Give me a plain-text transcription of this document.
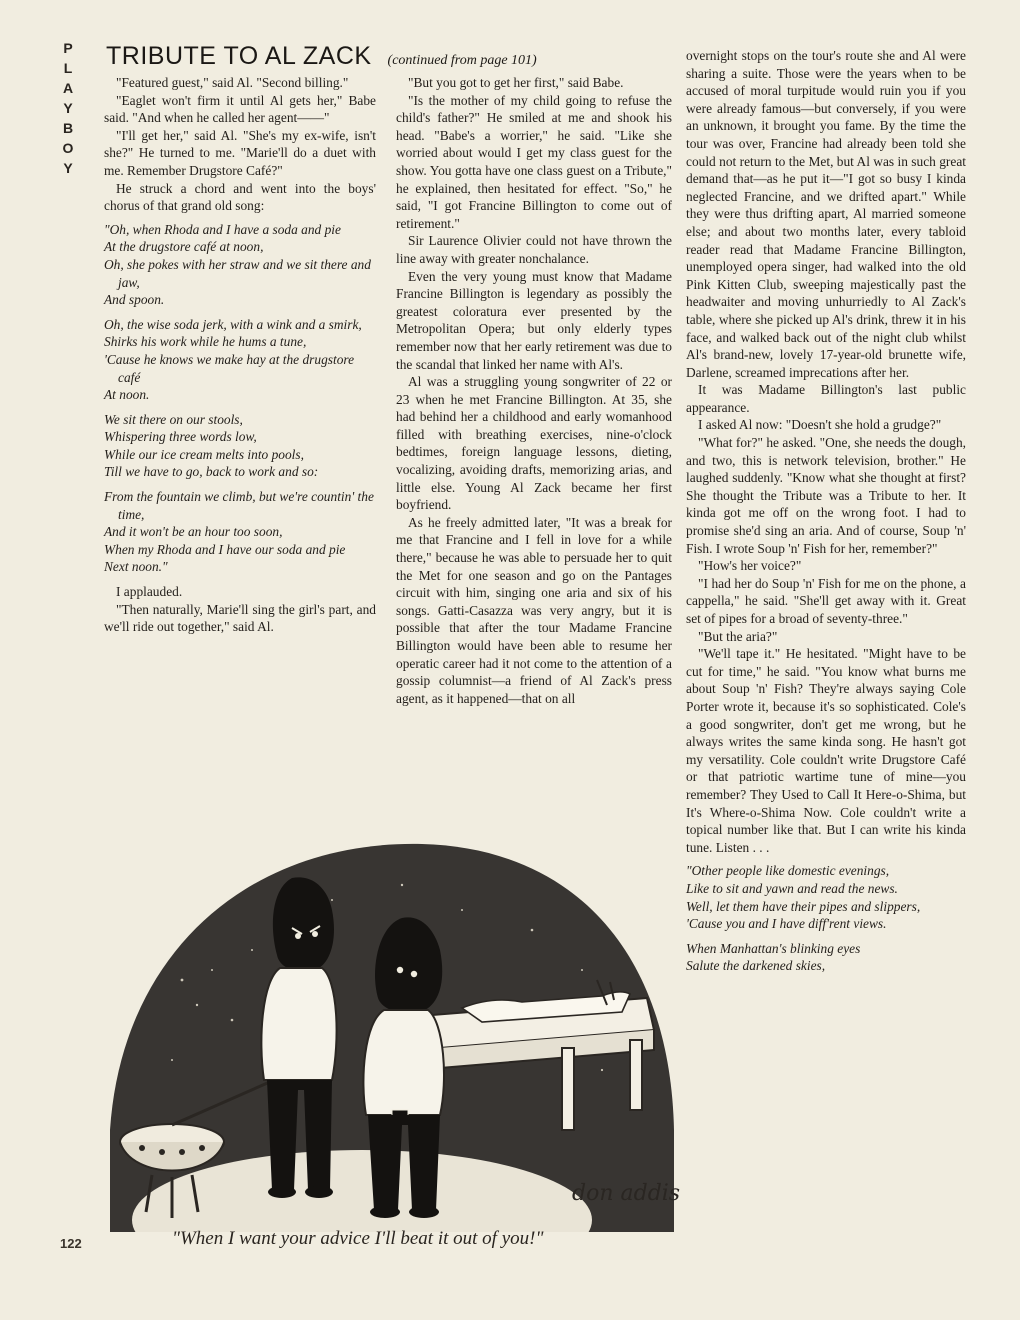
PLAYBOY TRIBUTE TO AL ZACK (continued from page 101)

"Featured guest," said Al. "Second billing."

"Eaglet won't firm it until Al gets her," Babe said. "And when he called her agent——"

"I'll get her," said Al. "She's my ex-wife, isn't she?" He turned to me. "Marie'll do a duet with me. Remember Drugstore Café?"

He struck a chord and went into the boys' chorus of that grand old song:

"Oh, when Rhoda and I have a soda and pie
At the drugstore café at noon,
Oh, she pokes with her straw and we sit there and jaw,
And spoon.
Oh, the wise soda jerk, with a wink and a smirk,
Shirks his work while he hums a tune,
'Cause he knows we make hay at the drugstore café
At noon.
We sit there on our stools,
Whispering three words low,
While our ice cream melts into pools,
Till we have to go, back to work and so:
From the fountain we climb, but we're countin' the time,
And it won't be an hour too soon,
When my Rhoda and I have our soda and pie
Next noon."

I applauded.

"Then naturally, Marie'll sing the girl's part, and we'll ride out together," said Al.

"But you got to get her first," said Babe.

"Is the mother of my child going to refuse the child's father?" He smiled at me and shook his head. "Babe's a worrier," he said. "Like she worried about would I get my class guest for the show. You gotta have one class guest on a Tribute," he explained, then hesitated for effect. "So," he said, "I got Francine Billington to come out of retirement."

Sir Laurence Olivier could not have thrown the line away with greater nonchalance.

Even the very young must know that Madame Francine Billington is legendary as possibly the greatest coloratura ever presented by the Metropolitan Opera; but only elderly types remember now that her early retirement was due to the scandal that linked her name with Al's.

Al was a struggling young songwriter of 22 or 23 when he met Francine Billington. At 35, she had behind her a childhood and early womanhood filled with breathing exercises, nine-o'clock bedtimes, foreign language lessons, dieting, vocalizing, avoiding drafts, memorizing arias, and little else. Young Al Zack became her first boyfriend.

As he freely admitted later, "It was a break for me that Francine and I fell in love for a while there," because he was able to persuade her to quit the Met for one season and go on the Pantages circuit with him, singing one aria and six of his songs. Gatti-Casazza was very angry, but it is possible that after the tour Madame Francine Billington would have been able to resume her operatic career had it not come to the attention of a gossip columnist—a friend of Al Zack's press agent, as it happened—that on all

overnight stops on the tour's route she and Al were sharing a suite. Those were the years when to be accused of moral turpitude would ruin you if you were already famous—but conversely, if you were an unknown, it brought you fame. By the time the tour was over, Francine had already been told she could not return to the Met, but Al was in such great demand that—as he put it—"I got so busy I kinda neglected Francine, and we drifted apart." While they were thus drifting apart, Al married someone else; and about two months later, every tabloid reader read that Madame Francine Billington, unemployed opera singer, had walked into the old Pink Kitten Club, sweeping majestically past the headwaiter and moving unhurriedly to Al Zack's table, where she picked up Al's drink, threw it in his face, and walked back out of the night club whilst Al's brand-new, lovely 17-year-old brunette wife, Darlene, screamed imprecations after her.

It was Madame Billington's last public appearance.

I asked Al now: "Doesn't she hold a grudge?"

"What for?" he asked. "One, she needs the dough, and two, this is network television, brother." He laughed suddenly. "Know what she thought at first? She thought the Tribute was a Tribute to her. It kinda got me off on the wrong foot. I had to promise she'd sing an aria. And of course, Soup 'n' Fish. I wrote Soup 'n' Fish for her, remember?"

"How's her voice?"

"I had her do Soup 'n' Fish for me on the phone, a cappella," he said. "She'll get away with it. Great set of pipes for a broad of seventy-three."

"But the aria?"

"We'll tape it." He hesitated. "Might have to be cut for time," he said. "You know what burns me about Soup 'n' Fish? They're always saying Cole Porter wrote it, because it's so sophisticated. Cole's a good songwriter, don't get me wrong, but he always writes the same kinda song. He hasn't got my versatility. Cole couldn't write Drugstore Café or that patriotic wartime tune of mine—you remember? They Used to Call It Here-o-Shima, but It's Where-o-Shima Now. Cole couldn't write a topical number like that. But I can write his kinda tune. Listen . . .

"Other people like domestic evenings,
Like to sit and yawn and read the news.
Well, let them have their pipes and slippers,
'Cause you and I have diff'rent views.
When Manhattan's blinking eyes
Salute the darkened skies,
don addis
"When I want your advice I'll beat it out of you!"
122
